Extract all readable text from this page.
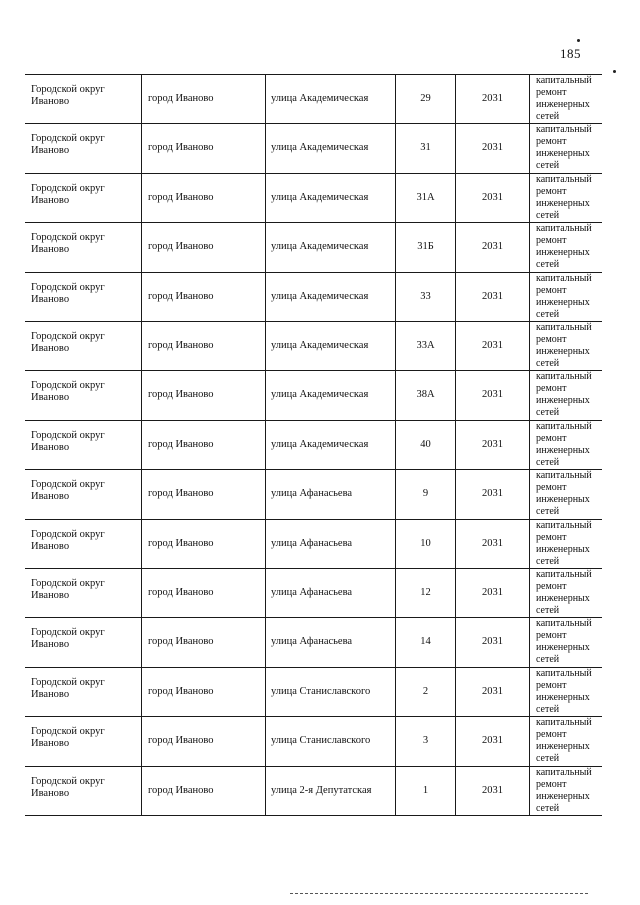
185
Городской округ Иваново	город Иваново	улица Академическая	29	2031
капитальный ремонт инженерных сетей
Городской округ Иваново	город Иваново	улица Академическая	31	2031
капитальный ремонт инженерных сетей
Городской округ Иваново	город Иваново	улица Академическая	31А	2031
капитальный ремонт инженерных сетей
Городской округ Иваново	город Иваново	улица Академическая	31Б	2031
капитальный ремонт инженерных сетей
Городской округ Иваново	город Иваново	улица Академическая	33	2031
капитальный ремонт инженерных сетей
Городской округ Иваново	город Иваново	улица Академическая	33А	2031
капитальный ремонт инженерных сетей
Городской округ Иваново	город Иваново	улица Академическая	38А	2031
капитальный ремонт инженерных сетей
Городской округ Иваново	город Иваново	улица Академическая	40	2031
капитальный ремонт инженерных сетей
Городской округ Иваново	город Иваново	улица Афанасьева	9	2031
капитальный ремонт инженерных сетей
Городской округ Иваново	город Иваново	улица Афанасьева	10	2031
капитальный ремонт инженерных сетей
Городской округ Иваново	город Иваново	улица Афанасьева	12	2031
капитальный ремонт инженерных сетей
Городской округ Иваново	город Иваново	улица Афанасьева	14	2031
капитальный ремонт инженерных сетей
Городской округ Иваново	город Иваново	улица Станиславского	2	2031
капитальный ремонт инженерных сетей
Городской округ Иваново	город Иваново	улица Станиславского	3	2031
капитальный ремонт инженерных сетей
Городской округ Иваново	город Иваново	улица 2-я Депутатская	1	2031
капитальный ремонт инженерных сетей
